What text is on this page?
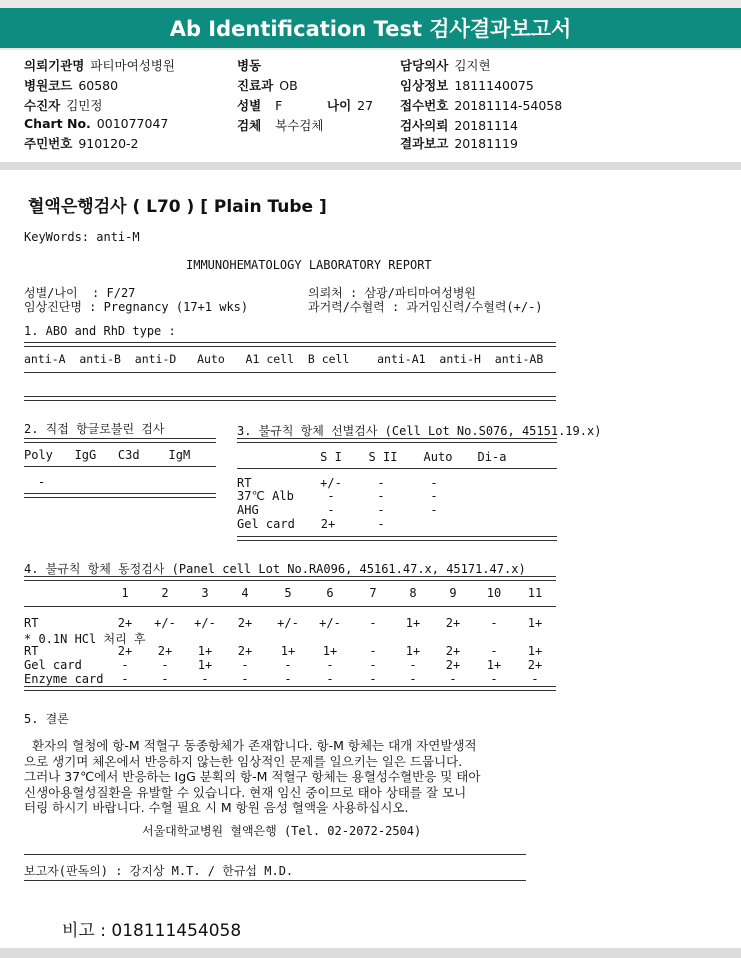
Ab Identification Test 검사결과보고서
의뢰기관명 파티마여성병원
병원코드 60580
수진자 김민정
Chart No. 001077047
주민번호 910120-2
병동
진료과 OB
성별 F	나이 27
검체 복수검체
담당의사 김지현
임상정보 1811140075
접수번호 20181114-54058
검사의뢰 20181114
결과보고 20181119
혈액은행검사 ( L70 ) [ Plain Tube ]
KeyWords: anti-M
IMMUNOHEMATOLOGY LABORATORY REPORT
성별/나이  : F/27
임상진단명 : Pregnancy (17+1 wks)
의뢰처 : 삼광/파티마여성병원
과거력/수혈력 : 과거임신력/수혈력(+/-)
1. ABO and RhD type :
anti-A  anti-B  anti-D   Auto   A1 cell  B cell    anti-A1  anti-H  anti-AB
2. 직접 항글로불린 검사
Poly   IgG   C3d    IgM
-
3. 불규칙 항체 선별검사 (Cell Lot No.S076, 45151.19.x)
S I S II Auto Di-a
RT	+/-	-	-
37℃ Alb	-	-	-
AHG	-	-	-
Gel card 2+	-
4. 불규칙 항체 동정검사 (Panel cell Lot No.RA096, 45161.47.x, 45171.47.x)
1	2	3	4	5	6	7	8	9	10 11
RT	2+ +/- +/- 2+ +/- +/- - 1+ 2+	-	1+
* 0.1N HCl 처리 후
RT	2+ 2+ 1+ 2+ 1+ 1+	- 1+ 2+	-	1+
Gel card	-	- 1+ -	-	-	-	- 2+ 1+ 2+
Enzyme card -	-	-	-	-	-	-	-	-	-	-
5. 결론
환자의 혈청에 항-M 적혈구 동종항체가 존재합니다. 항-M 항체는 대개 자연발생적
으로 생기며 체온에서 반응하지 않는한 임상적인 문제를 일으키는 일은 드뭅니다.
그러나 37℃에서 반응하는 IgG 분획의 항-M 적혈구 항체는 용혈성수혈반응 및 태아
신생아용혈성질환을 유발할 수 있습니다. 현재 임신 중이므로 태아 상태를 잘 모니
터링 하시기 바랍니다. 수혈 필요 시 M 항원 음성 혈액을 사용하십시오.
서울대학교병원 혈액은행 (Tel. 02-2072-2504)
보고자(판독의) : 강지상 M.T. / 한규섭 M.D.
비고 : 018111454058
